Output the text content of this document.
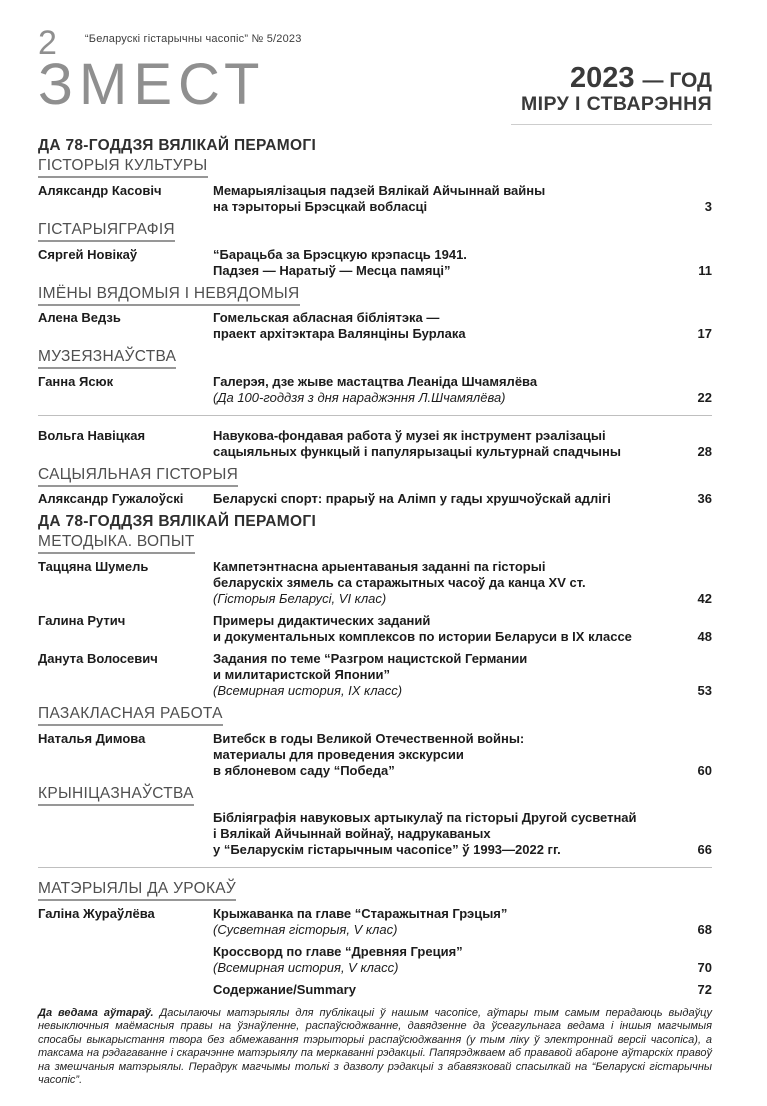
2	“Беларускі гістарычны часопіс” № 5/2023
ЗМЕСТ	2023 — ГОД
МІРУ І СТВАРЭННЯ
ДА 78-ГОДДЗЯ ВЯЛІКАЙ ПЕРАМОГІ
ГІСТОРЫЯ КУЛЬТУРЫ
Аляксандр Касовіч	Мемарыялізацыя падзей Вялікай Айчыннай вайны
на тэрыторыі Брэсцкай вобласці	3
ГІСТАРЫЯГРАФІЯ
Сяргей Новікаў	“Барацьба за Брэсцкую крэпасць 1941.
Падзея — Наратыў — Месца памяці”	11
ІМЁНЫ ВЯДОМЫЯ І НЕВЯДОМЫЯ
Алена Ведзь	Гомельская абласная бібліятэка —
праект архітэктара Валянціны Бурлака	17
МУЗЕЯЗНАЎСТВА
Ганна Ясюк	Галерэя, дзе жыве мастацтва Леаніда Шчамялёва
(Да 100-годдзя з дня нараджэння Л.Шчамялёва)	22
Вольга Навіцкая	Навукова-фондавая работа ў музеі як інструмент рэалізацыі
сацыяльных функцый і папулярызацыі культурнай спадчыны	28
САЦЫЯЛЬНАЯ ГІСТОРЫЯ
Аляксандр Гужалоўскі	Беларускі спорт: прарыў на Алімп у гады хрушчоўскай адлігі	36
ДА 78-ГОДДЗЯ ВЯЛІКАЙ ПЕРАМОГІ
МЕТОДЫКА. ВОПЫТ
Таццяна Шумель	Кампетэнтнасна арыентаваныя заданні па гісторыі
беларускіх зямель са старажытных часоў да канца XV ст.
(Гісторыя Беларусі, VI клас)	42
Галина Рутич	Примеры дидактических заданий
и документальных комплексов по истории Беларуси в IX классе	48
Данута Волосевич	Задания по теме “Разгром нацистской Германии
и милитаристской Японии”
(Всемирная история, IX класс)	53
ПАЗАКЛАСНАЯ РАБОТА
Наталья Димова	Витебск в годы Великой Отечественной войны:
материалы для проведения экскурсии
в яблоневом саду “Победа”	60
КРЫНІЦАЗНАЎСТВА
Бібліяграфія навуковых артыкулаў па гісторыі Другой сусветнай
і Вялікай Айчыннай войнаў, надрукаваных
у “Беларускім гістарычным часопісе” ў 1993—2022 гг.	66
МАТЭРЫЯЛЫ ДА УРОКАЎ
Галіна Жураўлёва	Крыжаванка па главе “Старажытная Грэцыя”
(Сусветная гісторыя, V клас)	68
Кроссворд по главе “Древняя Греция”
(Всемирная история, V класс)	70
Содержание/Summary	72
Да ведама аўтараў. Дасылаючы матэрыялы для публікацыі ў нашым часопісе, аўтары тым самым перадаюць выдаўцу невыключныя маёмасныя правы на ўзнаўленне, распаўсюджванне, давядзенне да ўсеагульнага ведама і іншыя магчымыя спосабы выкарыстання твора без абмежавання тэрыторыі распаўсюджвання (у тым ліку ў электроннай версіі часопіса), а таксама на рэдагаванне і скарачэнне матэрыялу па меркаванні рэдакцыі. Папярэджваем аб прававой абароне аўтарскіх правоў на змешчаныя матэрыялы. Перадрук магчымы толькі з дазволу рэдакцыі з абавязковай спасылкай на “Беларускі гістарычны часопіс”.
